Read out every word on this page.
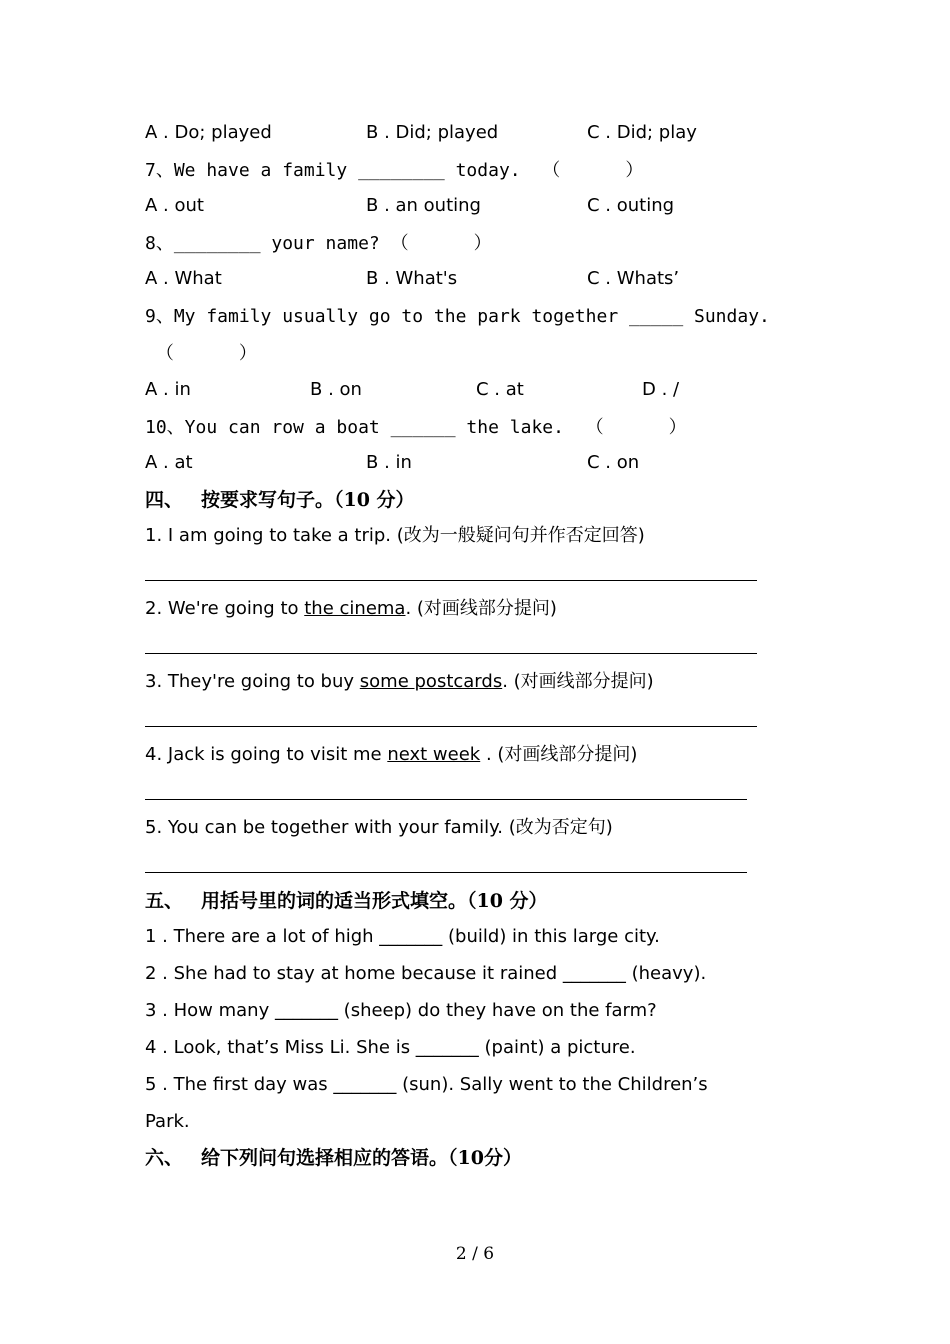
A . Do; played	B . Did; played	C . Did; play
7、We have a family ________ today.  （      ）
A . out	B . an outing	C . outing
8、________ your name? （      ）
A . What	B . What's	C . Whats’
9、My family usually go to the park together _____ Sunday.
（      ）
A . in	B . on	C . at	D . /
10、You can row a boat ______ the lake.  （      ）
A . at	B . in	C . on
四、 按要求写句子。（10 分）
1. I am going to take a trip. (改为一般疑问句并作否定回答)
2. We're going to the cinema. (对画线部分提问)
3. They're going to buy some postcards. (对画线部分提问)
4. Jack is going to visit me next week . (对画线部分提问)
5. You can be together with your family. (改为否定句)
五、 用括号里的词的适当形式填空。（10 分）
1 . There are a lot of high _______ (build) in this large city.
2 . She had to stay at home because it rained _______ (heavy).
3 . How many _______ (sheep) do they have on the farm?
4 . Look, that’s Miss Li. She is _______ (paint) a picture.
5 . The first day was _______ (sun). Sally went to the Children’s
Park.
六、 给下列问句选择相应的答语。（10分）
2 / 6
